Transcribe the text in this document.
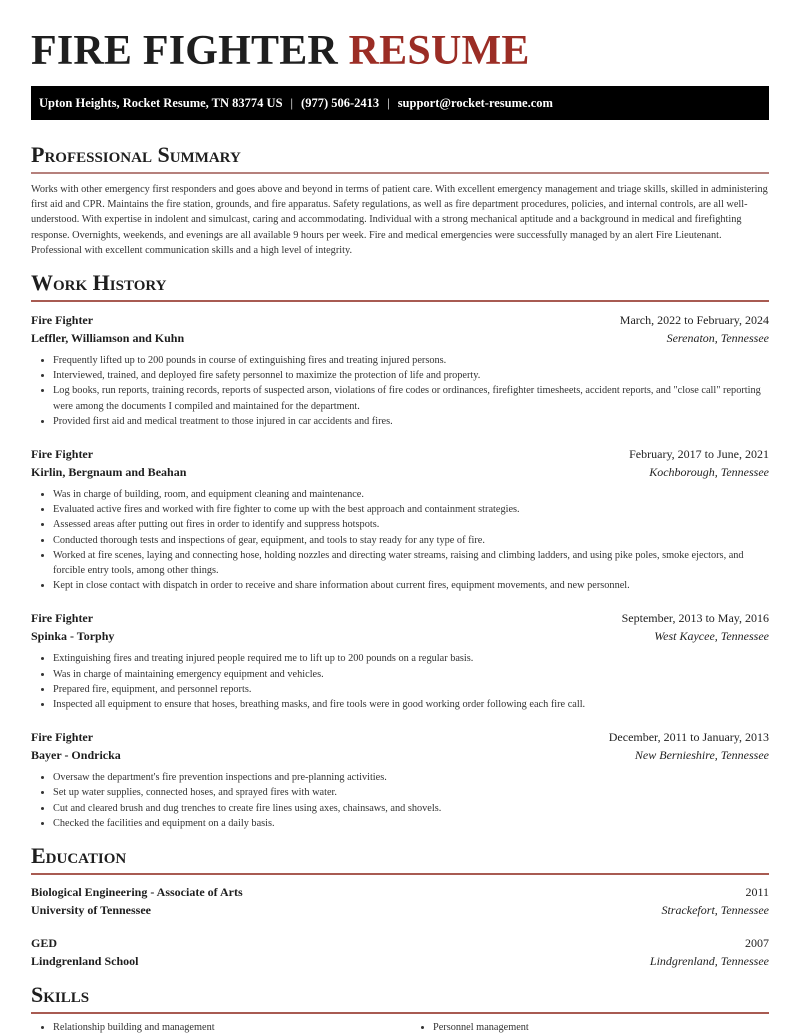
FIRE FIGHTER RESUME
Upton Heights, Rocket Resume, TN 83774 US | (977) 506-2413 | support@rocket-resume.com
Professional Summary
Works with other emergency first responders and goes above and beyond in terms of patient care. With excellent emergency management and triage skills, skilled in administering first aid and CPR. Maintains the fire station, grounds, and fire apparatus. Safety regulations, as well as fire department procedures, policies, and internal controls, are all well-understood. With expertise in indolent and simulcast, caring and accommodating. Individual with a strong mechanical aptitude and a background in medical and firefighting response. Overnights, weekends, and evenings are all available 9 hours per week. Fire and medical emergencies were successfully managed by an alert Fire Lieutenant. Professional with excellent communication skills and a high level of integrity.
Work History
Fire Fighter	March, 2022 to February, 2024
Leffler, Williamson and Kuhn	Serenaton, Tennessee
• Frequently lifted up to 200 pounds in course of extinguishing fires and treating injured persons.
• Interviewed, trained, and deployed fire safety personnel to maximize the protection of life and property.
• Log books, run reports, training records, reports of suspected arson, violations of fire codes or ordinances, firefighter timesheets, accident reports, and "close call" reporting were among the documents I compiled and maintained for the department.
• Provided first aid and medical treatment to those injured in car accidents and fires.
Fire Fighter	February, 2017 to June, 2021
Kirlin, Bergnaum and Beahan	Kochborough, Tennessee
• Was in charge of building, room, and equipment cleaning and maintenance.
• Evaluated active fires and worked with fire fighter to come up with the best approach and containment strategies.
• Assessed areas after putting out fires in order to identify and suppress hotspots.
• Conducted thorough tests and inspections of gear, equipment, and tools to stay ready for any type of fire.
• Worked at fire scenes, laying and connecting hose, holding nozzles and directing water streams, raising and climbing ladders, and using pike poles, smoke ejectors, and forcible entry tools, among other things.
• Kept in close contact with dispatch in order to receive and share information about current fires, equipment movements, and new personnel.
Fire Fighter	September, 2013 to May, 2016
Spinka - Torphy	West Kaycee, Tennessee
• Extinguishing fires and treating injured people required me to lift up to 200 pounds on a regular basis.
• Was in charge of maintaining emergency equipment and vehicles.
• Prepared fire, equipment, and personnel reports.
• Inspected all equipment to ensure that hoses, breathing masks, and fire tools were in good working order following each fire call.
Fire Fighter	December, 2011 to January, 2013
Bayer - Ondricka	New Bernieshire, Tennessee
• Oversaw the department's fire prevention inspections and pre-planning activities.
• Set up water supplies, connected hoses, and sprayed fires with water.
• Cut and cleared brush and dug trenches to create fire lines using axes, chainsaws, and shovels.
• Checked the facilities and equipment on a daily basis.
Education
Biological Engineering - Associate of Arts	2011
University of Tennessee	Strackefort, Tennessee
GED	2007
Lindgrenland School	Lindgrenland, Tennessee
Skills
• Relationship building and management	• Personnel management
